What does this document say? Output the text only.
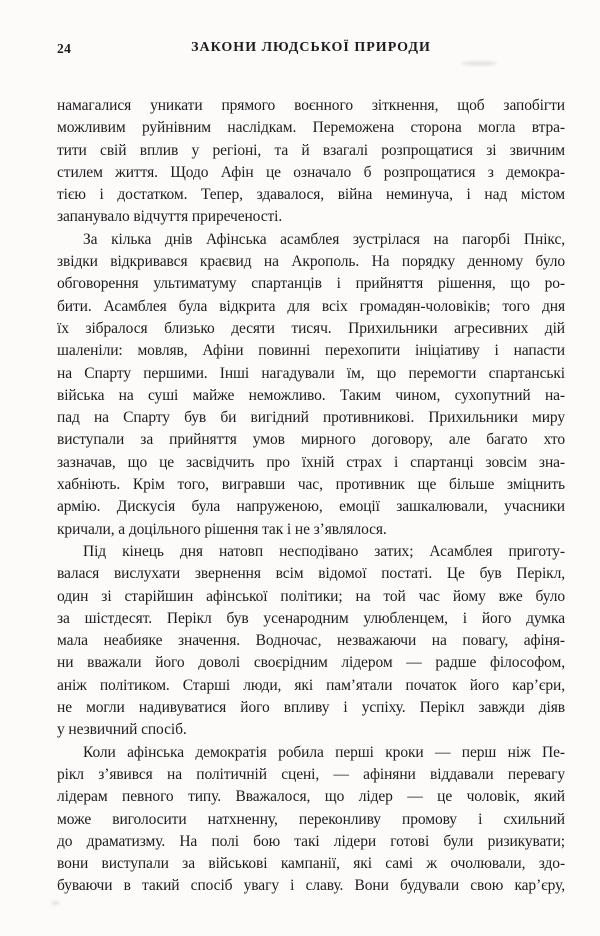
24	ЗАКОНИ ЛЮДСЬКОЇ ПРИРОДИ
намагалися уникати прямого воєнного зіткнення, щоб запобігти
можливим руйнівним наслідкам. Переможена сторона могла втра-
тити свій вплив у регіоні, та й взагалі розпрощатися зі звичним
стилем життя. Щодо Афін це означало б розпрощатися з демокра-
тією і достатком. Тепер, здавалося, війна неминуча, і над містом
запанувало відчуття приреченості.
За кілька днів Афінська асамблея зустрілася на пагорбі Пнікс,
звідки відкривався краєвид на Акрополь. На порядку денному було
обговорення ультиматуму спартанців і прийняття рішення, що ро-
бити. Асамблея була відкрита для всіх громадян-чоловіків; того дня
їх зібралося близько десяти тисяч. Прихильники агресивних дій
шаленіли: мовляв, Афіни повинні перехопити ініціативу і напасти
на Спарту першими. Інші нагадували їм, що перемогти спартанські
війська на суші майже неможливо. Таким чином, сухопутний на-
пад на Спарту був би вигідний противникові. Прихильники миру
виступали за прийняття умов мирного договору, але багато хто
зазначав, що це засвідчить про їхній страх і спартанці зовсім зна-
хабніють. Крім того, вигравши час, противник ще більше зміцнить
армію. Дискусія була напруженою, емоції зашкалювали, учасники
кричали, а доцільного рішення так і не з’являлося.
Під кінець дня натовп несподівано затих; Асамблея приготу-
валася вислухати звернення всім відомої постаті. Це був Перікл,
один зі старійшин афінської політики; на той час йому вже було
за шістдесят. Перікл був усенародним улюбленцем, і його думка
мала неабияке значення. Водночас, незважаючи на повагу, афіня-
ни вважали його доволі своєрідним лідером — радше філософом,
аніж політиком. Старші люди, які пам’ятали початок його кар’єри,
не могли надивуватися його впливу і успіху. Перікл завжди діяв
у незвичний спосіб.
Коли афінська демократія робила перші кроки — перш ніж Пе-
рікл з’явився на політичній сцені, — афіняни віддавали перевагу
лідерам певного типу. Вважалося, що лідер — це чоловік, який
може виголосити натхненну, переконливу промову і схильний
до драматизму. На полі бою такі лідери готові були ризикувати;
вони виступали за військові кампанії, які самі ж очолювали, здо-
буваючи в такий спосіб увагу і славу. Вони будували свою кар’єру,
